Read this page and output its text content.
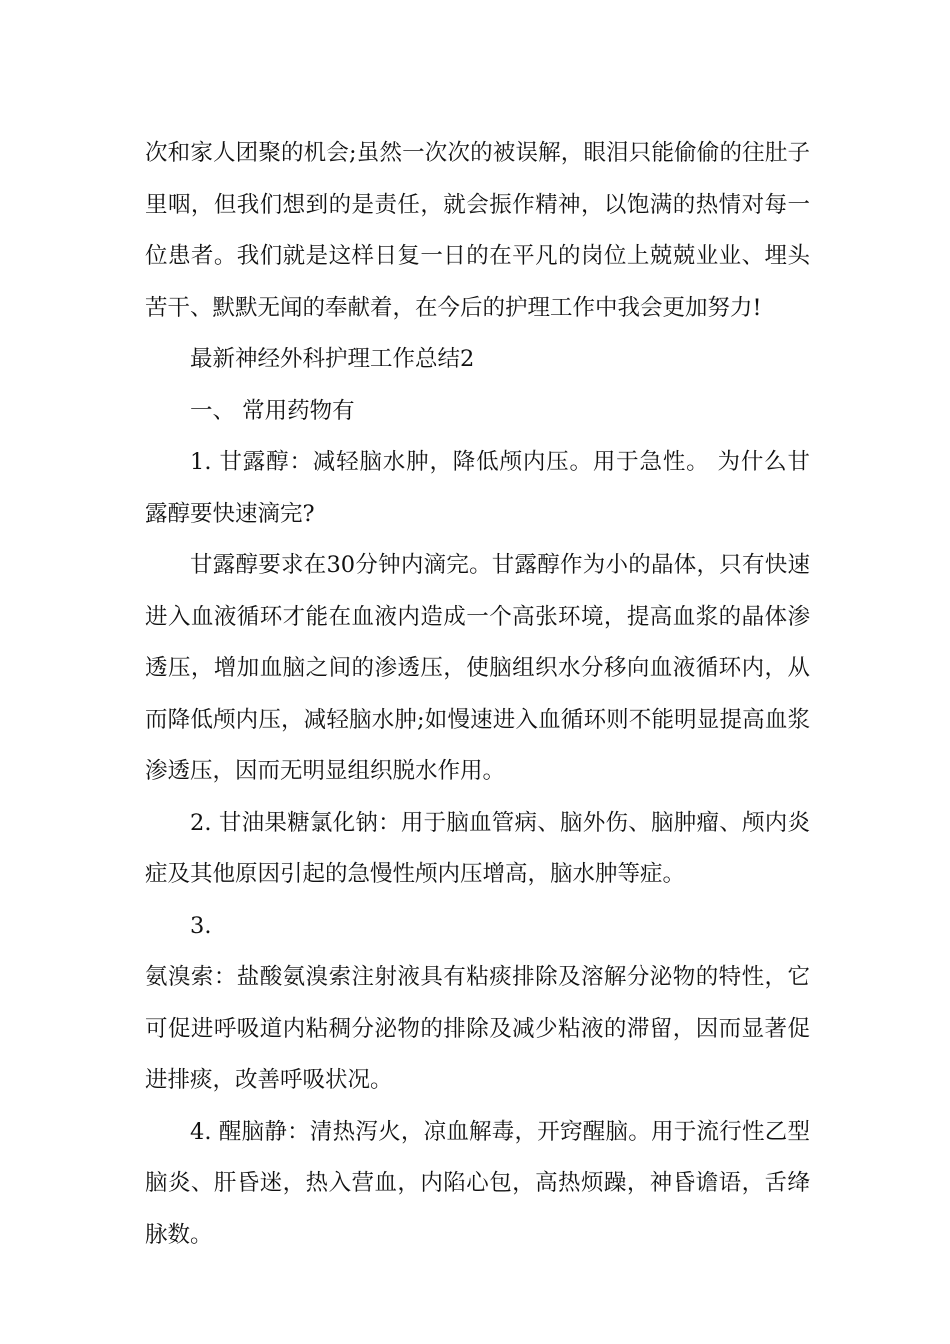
次和家人团聚的机会;虽然一次次的被误解，眼泪只能偷偷的往肚子里咽，但我们想到的是责任，就会振作精神，以饱满的热情对每一位患者。我们就是这样日复一日的在平凡的岗位上兢兢业业、埋头苦干、默默无闻的奉献着，在今后的护理工作中我会更加努力!

最新神经外科护理工作总结2

一、 常用药物有

1. 甘露醇：减轻脑水肿，降低颅内压。用于急性。 为什么甘露醇要快速滴完?

甘露醇要求在30分钟内滴完。甘露醇作为小的晶体，只有快速进入血液循环才能在血液内造成一个高张环境，提高血浆的晶体渗透压，增加血脑之间的渗透压，使脑组织水分移向血液循环内，从而降低颅内压，减轻脑水肿;如慢速进入血循环则不能明显提高血浆渗透压，因而无明显组织脱水作用。

2. 甘油果糖氯化钠：用于脑血管病、脑外伤、脑肿瘤、颅内炎症及其他原因引起的急慢性颅内压增高，脑水肿等症。

3.

氨溴索：盐酸氨溴索注射液具有粘痰排除及溶解分泌物的特性，它可促进呼吸道内粘稠分泌物的排除及减少粘液的滞留，因而显著促进排痰，改善呼吸状况。

4. 醒脑静：清热泻火，凉血解毒，开窍醒脑。用于流行性乙型脑炎、肝昏迷，热入营血，内陷心包，高热烦躁，神昏谵语，舌绛脉数。
